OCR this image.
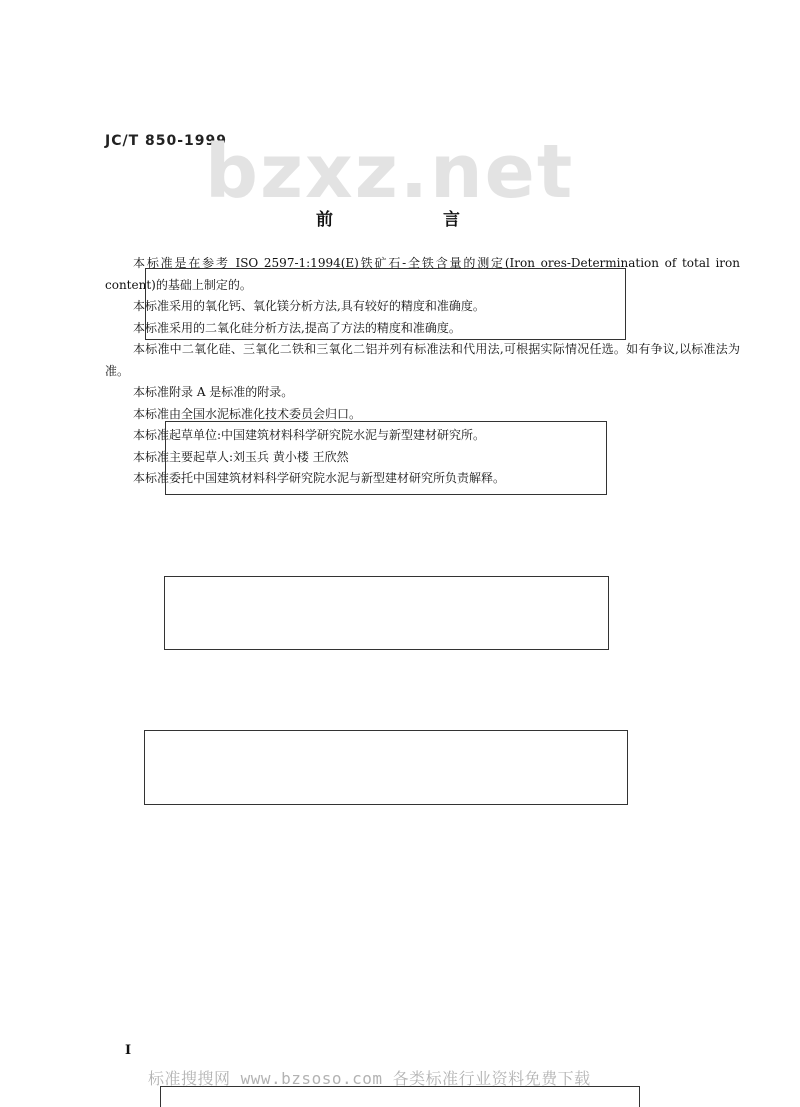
JC/T 850-1999
bzxz.net
前 言

本标准是在参考 ISO 2597-1:1994(E)铁矿石-全铁含量的测定(Iron ores-Determination of total iron content)的基础上制定的。

本标准采用的氧化钙、氧化镁分析方法,具有较好的精度和准确度。

本标准采用的二氧化硅分析方法,提高了方法的精度和准确度。

本标准中二氧化硅、三氧化二铁和三氧化二铝并列有标准法和代用法,可根据实际情况任选。如有争议,以标准法为准。

本标准附录 A 是标准的附录。

本标准由全国水泥标准化技术委员会归口。

本标准起草单位:中国建筑材料科学研究院水泥与新型建材研究所。

本标准主要起草人:刘玉兵 黄小楼 王欣然

本标准委托中国建筑材料科学研究院水泥与新型建材研究所负责解释。

I
标准搜搜网 www.bzsoso.com 各类标准行业资料免费下载
